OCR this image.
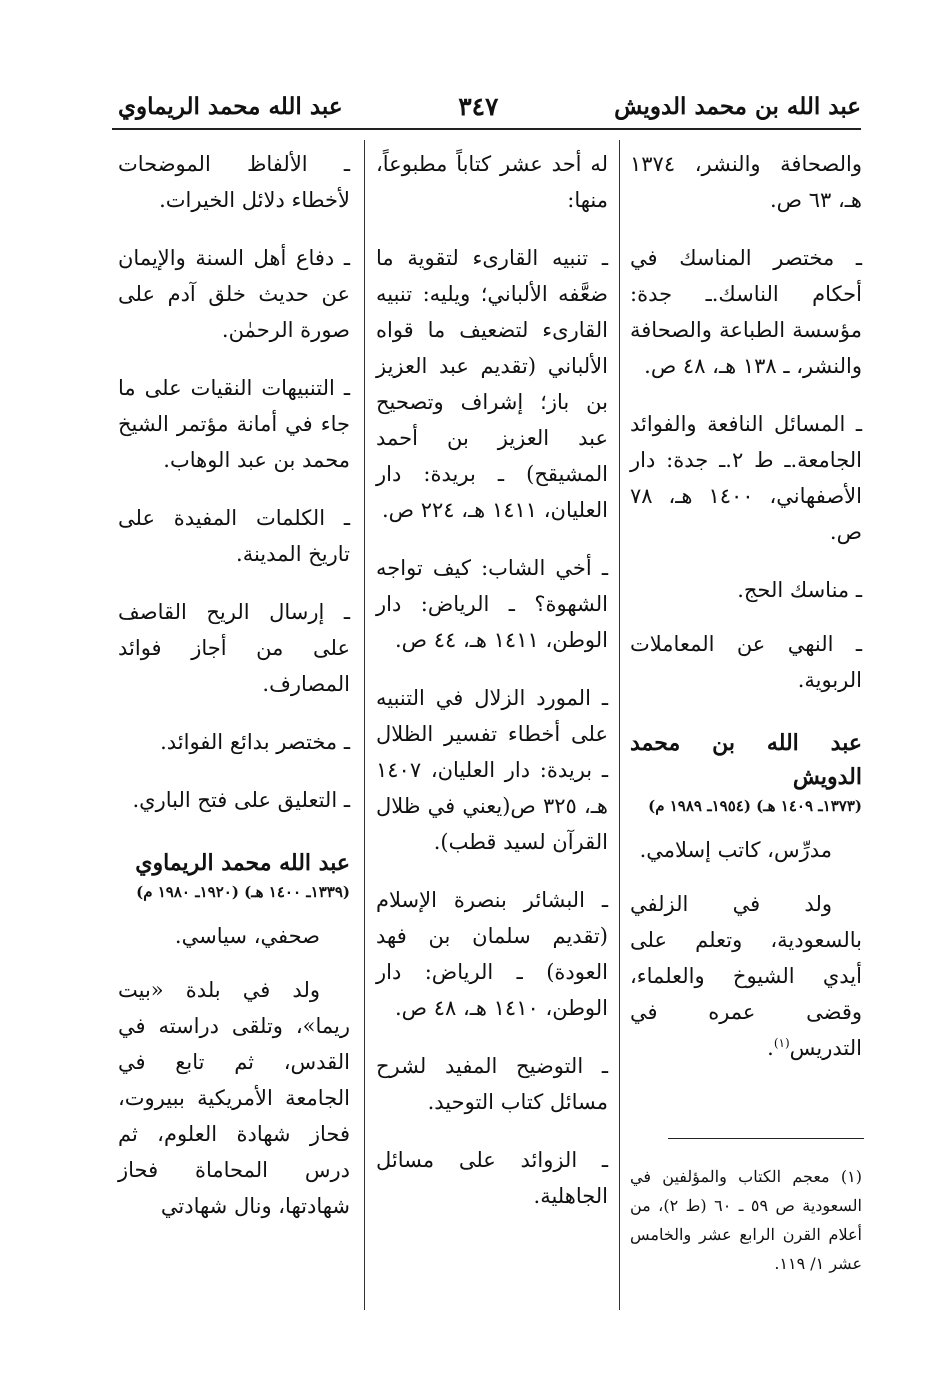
عبد الله بن محمد الدويش
٣٤٧
عبد الله محمد الريماوي

والصحافة والنشر، ١٣٧٤ هـ، ٦٣ ص.

ـ مختصر المناسك في أحكام الناسك.ـ جدة: مؤسسة الطباعة والصحافة والنشر، ـ ١٣٨ هـ، ٤٨ ص.

ـ المسائل النافعة والفوائد الجامعة.ـ ط ٢.ـ جدة: دار الأصفهاني، ١٤٠٠ هـ، ٧٨ ص.

ـ مناسك الحج.

ـ النهي عن المعاملات الربوية.

عبد الله بن محمد الدويش

(١٣٧٣ـ ١٤٠٩ هـ) (١٩٥٤ـ ١٩٨٩ م)

مدرِّس، كاتب إسلامي.

ولد في الزلفي بالسعودية، وتعلم على أيدي الشيوخ والعلماء، وقضى عمره في التدريس$^{(١)}$.

(١) معجم الكتاب والمؤلفين في السعودية ص ٥٩ ـ ٦٠ (ط ٢)، من أعلام القرن الرابع عشر والخامس عشر ١/ ١١٩.

له أحد عشر كتاباً مطبوعاً، منها:

ـ تنبيه القارىء لتقوية ما ضعَّفه الألباني؛ ويليه: تنبيه القارىء لتضعيف ما قواه الألباني (تقديم عبد العزيز بن باز؛ إشراف وتصحيح عبد العزيز بن أحمد المشيقح) ـ بريدة: دار العليان، ١٤١١ هـ، ٢٢٤ ص.

ـ أخي الشاب: كيف تواجه الشهوة؟ ـ الرياض: دار الوطن، ١٤١١ هـ، ٤٤ ص.

ـ المورد الزلال في التنبيه على أخطاء تفسير الظلال ـ بريدة: دار العليان، ١٤٠٧ هـ، ٣٢٥ ص(يعني في ظلال القرآن لسيد قطب).

ـ البشائر بنصرة الإسلام (تقديم سلمان بن فهد العودة) ـ الرياض: دار الوطن، ١٤١٠ هـ، ٤٨ ص.

ـ التوضيح المفيد لشرح مسائل كتاب التوحيد.

ـ الزوائد على مسائل الجاهلية.

ـ الألفاظ الموضحات لأخطاء دلائل الخيرات.

ـ دفاع أهل السنة والإيمان عن حديث خلق آدم على صورة الرحمٰن.

ـ التنبيهات النقيات على ما جاء في أمانة مؤتمر الشيخ محمد بن عبد الوهاب.

ـ الكلمات المفيدة على تاريخ المدينة.

ـ إرسال الريح القاصف على من أجاز فوائد المصارف.

ـ مختصر بدائع الفوائد.

ـ التعليق على فتح الباري.

عبد الله محمد الريماوي

(١٣٣٩ـ ١٤٠٠ هـ) (١٩٢٠ـ ١٩٨٠ م)

صحفي، سياسي.

ولد في بلدة «بيت ريما»، وتلقى دراسته في القدس، ثم تابع في الجامعة الأمريكية ببيروت، فحاز شهادة العلوم، ثم درس المحاماة فحاز شهادتها، ونال شهادتي
